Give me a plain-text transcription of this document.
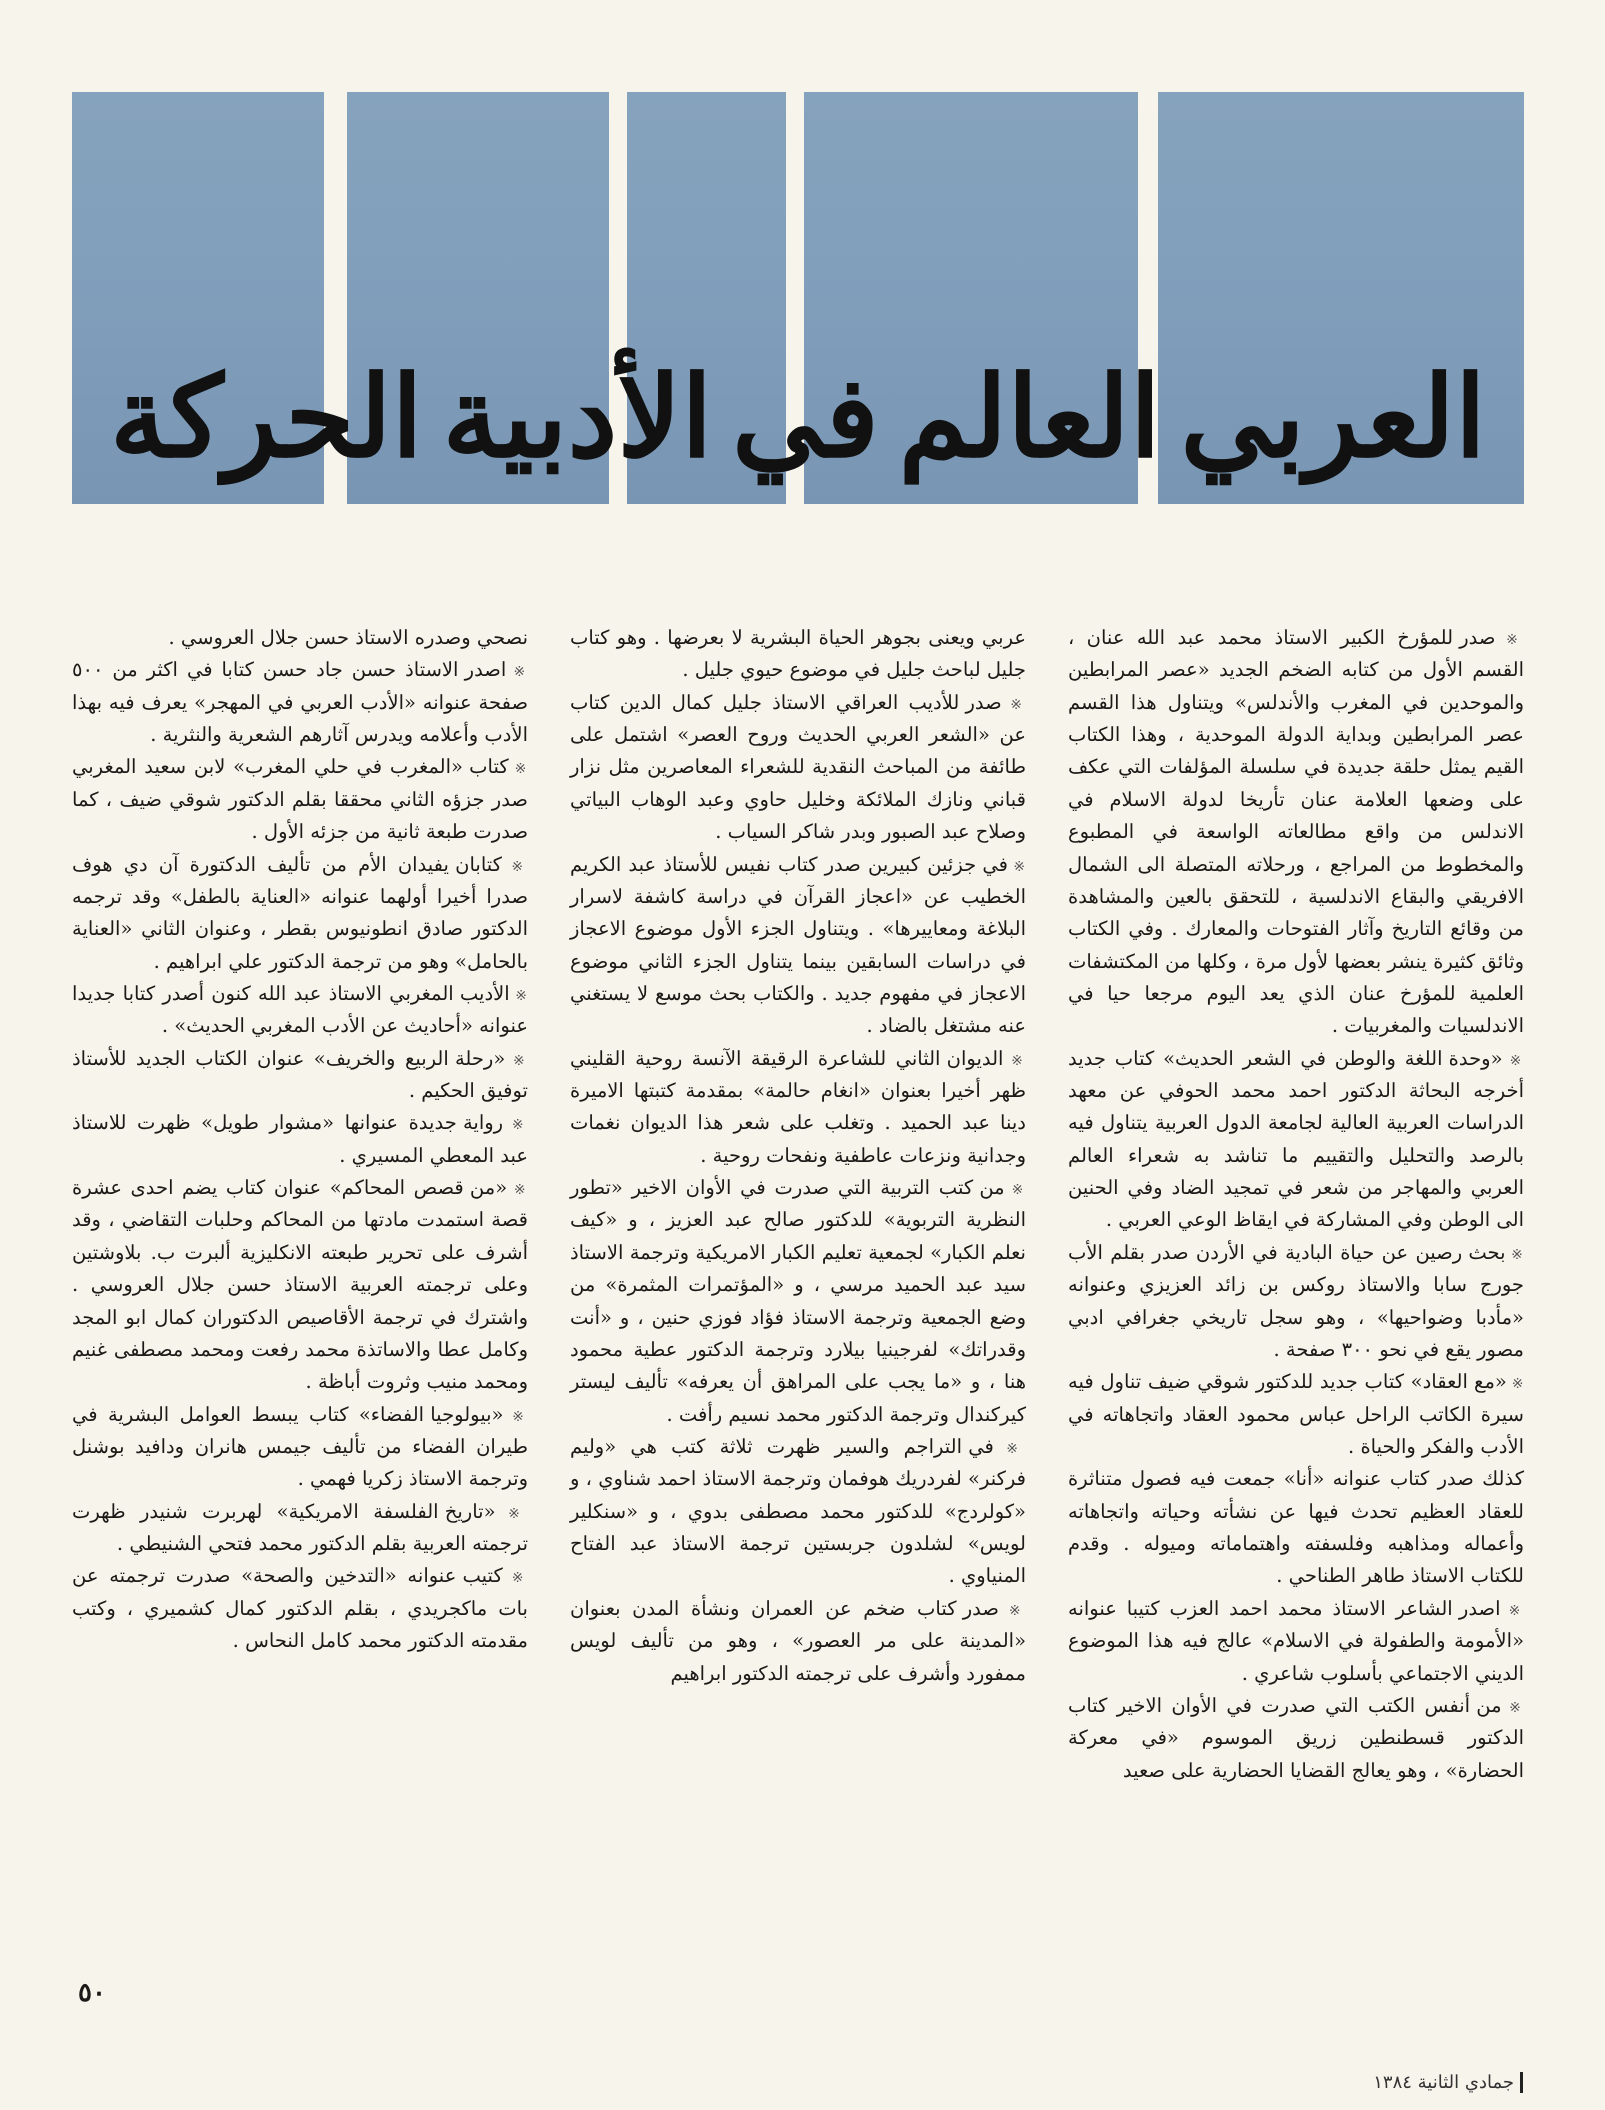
الحركة الأدبية في العالم العربي

※ صدر للمؤرخ الكبير الاستاذ محمد عبد الله عنان ، القسم الأول من كتابه الضخم الجديد «عصر المرابطين والموحدين في المغرب والأندلس» ويتناول هذا القسم عصر المرابطين وبداية الدولة الموحدية ، وهذا الكتاب القيم يمثل حلقة جديدة في سلسلة المؤلفات التي عكف على وضعها العلامة عنان تأريخا لدولة الاسلام في الاندلس من واقع مطالعاته الواسعة في المطبوع والمخطوط من المراجع ، ورحلاته المتصلة الى الشمال الافريقي والبقاع الاندلسية ، للتحقق بالعين والمشاهدة من وقائع التاريخ وآثار الفتوحات والمعارك . وفي الكتاب وثائق كثيرة ينشر بعضها لأول مرة ، وكلها من المكتشفات العلمية للمؤرخ عنان الذي يعد اليوم مرجعا حيا في الاندلسيات والمغربيات .

※ «وحدة اللغة والوطن في الشعر الحديث» كتاب جديد أخرجه البحاثة الدكتور احمد محمد الحوفي عن معهد الدراسات العربية العالية لجامعة الدول العربية يتناول فيه بالرصد والتحليل والتقييم ما تناشد به شعراء العالم العربي والمهاجر من شعر في تمجيد الضاد وفي الحنين الى الوطن وفي المشاركة في ايقاظ الوعي العربي .

※ بحث رصين عن حياة البادية في الأردن صدر بقلم الأب جورج سابا والاستاذ روكس بن زائد العزيزي وعنوانه «مأدبا وضواحيها» ، وهو سجل تاريخي جغرافي ادبي مصور يقع في نحو ٣٠٠ صفحة .

※ «مع العقاد» كتاب جديد للدكتور شوقي ضيف تناول فيه سيرة الكاتب الراحل عباس محمود العقاد واتجاهاته في الأدب والفكر والحياة .

كذلك صدر كتاب عنوانه «أنا» جمعت فيه فصول متناثرة للعقاد العظيم تحدث فيها عن نشأته وحياته واتجاهاته وأعماله ومذاهبه وفلسفته واهتماماته وميوله . وقدم للكتاب الاستاذ طاهر الطناحي .

※ اصدر الشاعر الاستاذ محمد احمد العزب كتيبا عنوانه «الأمومة والطفولة في الاسلام» عالج فيه هذا الموضوع الديني الاجتماعي بأسلوب شاعري .

※ من أنفس الكتب التي صدرت في الأوان الاخير كتاب الدكتور قسطنطين زريق الموسوم «في معركة الحضارة» ، وهو يعالج القضايا الحضارية على صعيد

عربي ويعنى بجوهر الحياة البشرية لا بعرضها . وهو كتاب جليل لباحث جليل في موضوع حيوي جليل .

※ صدر للأديب العراقي الاستاذ جليل كمال الدين كتاب عن «الشعر العربي الحديث وروح العصر» اشتمل على طائفة من المباحث النقدية للشعراء المعاصرين مثل نزار قباني ونازك الملائكة وخليل حاوي وعبد الوهاب البياتي وصلاح عبد الصبور وبدر شاكر السياب .

※ في جزئين كبيرين صدر كتاب نفيس للأستاذ عبد الكريم الخطيب عن «اعجاز القرآن في دراسة كاشفة لاسرار البلاغة ومعاييرها» . ويتناول الجزء الأول موضوع الاعجاز في دراسات السابقين بينما يتناول الجزء الثاني موضوع الاعجاز في مفهوم جديد . والكتاب بحث موسع لا يستغني عنه مشتغل بالضاد .

※ الديوان الثاني للشاعرة الرقيقة الآنسة روحية القليني ظهر أخيرا بعنوان «انغام حالمة» بمقدمة كتبتها الاميرة دينا عبد الحميد . وتغلب على شعر هذا الديوان نغمات وجدانية ونزعات عاطفية ونفحات روحية .

※ من كتب التربية التي صدرت في الأوان الاخير «تطور النظرية التربوية» للدكتور صالح عبد العزيز ، و «كيف نعلم الكبار» لجمعية تعليم الكبار الامريكية وترجمة الاستاذ سيد عبد الحميد مرسي ، و «المؤتمرات المثمرة» من وضع الجمعية وترجمة الاستاذ فؤاد فوزي حنين ، و «أنت وقدراتك» لفرجينيا بيلارد وترجمة الدكتور عطية محمود هنا ، و «ما يجب على المراهق أن يعرفه» تأليف ليستر كيركندال وترجمة الدكتور محمد نسيم رأفت .

※ في التراجم والسير ظهرت ثلاثة كتب هي «وليم فركنر» لفردريك هوفمان وترجمة الاستاذ احمد شناوي ، و «كولردج» للدكتور محمد مصطفى بدوي ، و «سنكلير لويس» لشلدون جربستين ترجمة الاستاذ عبد الفتاح المنياوي .

※ صدر كتاب ضخم عن العمران ونشأة المدن بعنوان «المدينة على مر العصور» ، وهو من تأليف لويس ممفورد وأشرف على ترجمته الدكتور ابراهيم

نصحي وصدره الاستاذ حسن جلال العروسي .

※ اصدر الاستاذ حسن جاد حسن كتابا في اكثر من ٥٠٠ صفحة عنوانه «الأدب العربي في المهجر» يعرف فيه بهذا الأدب وأعلامه ويدرس آثارهم الشعرية والنثرية .

※ كتاب «المغرب في حلي المغرب» لابن سعيد المغربي صدر جزؤه الثاني محققا بقلم الدكتور شوقي ضيف ، كما صدرت طبعة ثانية من جزئه الأول .

※ كتابان يفيدان الأم من تأليف الدكتورة آن دي هوف صدرا أخيرا أولهما عنوانه «العناية بالطفل» وقد ترجمه الدكتور صادق انطونيوس بقطر ، وعنوان الثاني «العناية بالحامل» وهو من ترجمة الدكتور علي ابراهيم .

※ الأديب المغربي الاستاذ عبد الله كنون أصدر كتابا جديدا عنوانه «أحاديث عن الأدب المغربي الحديث» .

※ «رحلة الربيع والخريف» عنوان الكتاب الجديد للأستاذ توفيق الحكيم .

※ رواية جديدة عنوانها «مشوار طويل» ظهرت للاستاذ عبد المعطي المسيري .

※ «من قصص المحاكم» عنوان كتاب يضم احدى عشرة قصة استمدت مادتها من المحاكم وحلبات التقاضي ، وقد أشرف على تحرير طبعته الانكليزية ألبرت ب. بلاوشتين وعلى ترجمته العربية الاستاذ حسن جلال العروسي . واشترك في ترجمة الأقاصيص الدكتوران كمال ابو المجد وكامل عطا والاساتذة محمد رفعت ومحمد مصطفى غنيم ومحمد منيب وثروت أباظة .

※ «بيولوجيا الفضاء» كتاب يبسط العوامل البشرية في طيران الفضاء من تأليف جيمس هانران ودافيد بوشنل وترجمة الاستاذ زكريا فهمي .

※ «تاريخ الفلسفة الامريكية» لهربرت شنيدر ظهرت ترجمته العربية بقلم الدكتور محمد فتحي الشنيطي .

※ كتيب عنوانه «التدخين والصحة» صدرت ترجمته عن بات ماكجريدي ، بقلم الدكتور كمال كشميري ، وكتب مقدمته الدكتور محمد كامل النحاس .

٥٠
جمادي الثانية ١٣٨٤
